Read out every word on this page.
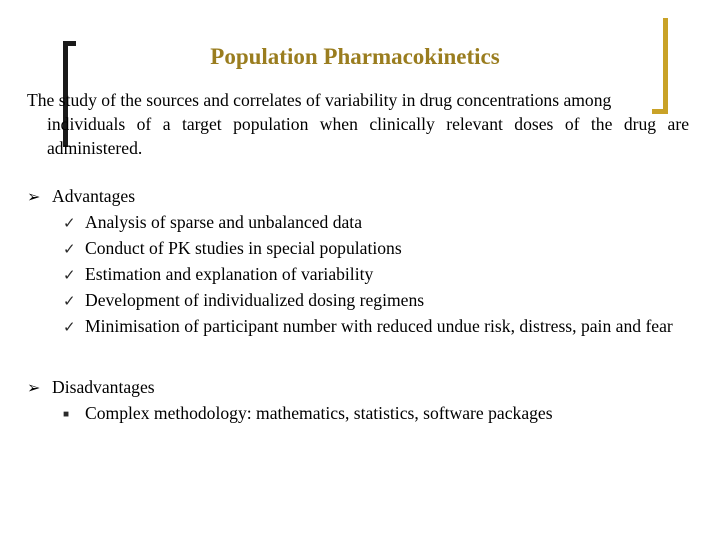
Population Pharmacokinetics
The study of the sources and correlates of variability in drug concentrations among
individuals of a target population when clinically relevant doses of the drug are administered.
➢ Advantages
✓ Analysis of sparse and unbalanced data
✓ Conduct of PK studies in special populations
✓ Estimation and explanation of variability
✓ Development of individualized dosing regimens
✓ Minimisation of participant number with reduced undue risk, distress, pain and fear
➢ Disadvantages
■ Complex methodology: mathematics, statistics, software packages
